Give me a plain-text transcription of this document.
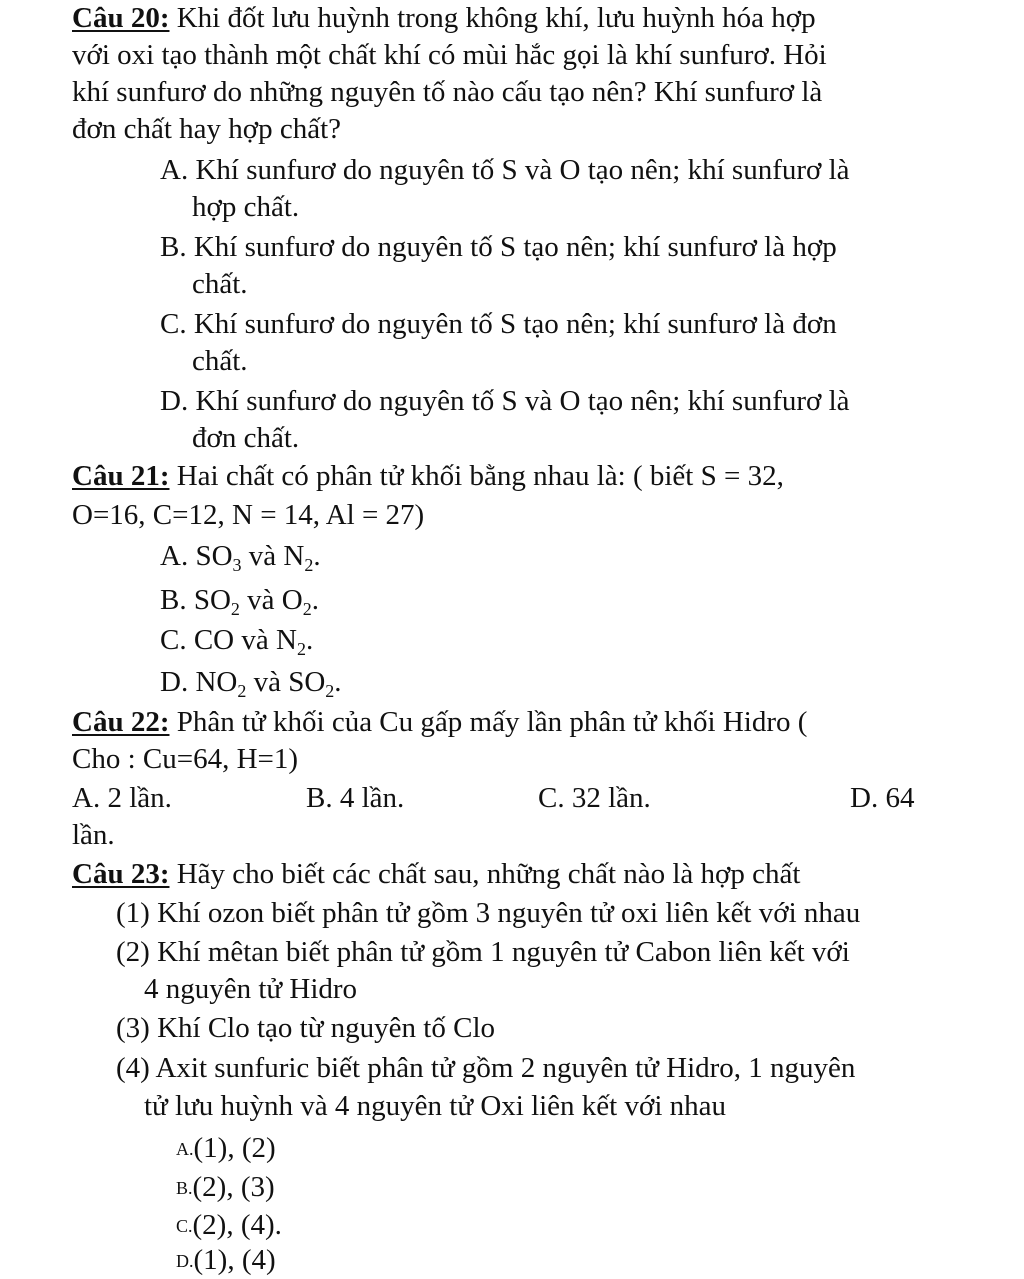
Câu 20: Khi đốt lưu huỳnh trong không khí, lưu huỳnh hóa hợp
với oxi tạo thành một chất khí có mùi hắc gọi là khí sunfurơ. Hỏi
khí sunfurơ do những nguyên tố nào cấu tạo nên? Khí sunfurơ là
đơn chất hay hợp chất?
A. Khí sunfurơ do nguyên tố S và O tạo nên; khí sunfurơ là
hợp chất.
B. Khí sunfurơ do nguyên tố S tạo nên; khí sunfurơ là hợp
chất.
C. Khí sunfurơ do nguyên tố S tạo nên; khí sunfurơ là đơn
chất.
D. Khí sunfurơ do nguyên tố S và O tạo nên; khí sunfurơ là
đơn chất.
Câu 21: Hai chất có phân tử khối bằng nhau là: ( biết S = 32,
O=16, C=12, N = 14, Al = 27)
A. $SO_3$ và $N_2$.
B. $SO_2$ và $O_2$.
C. CO và $N_2$.
D. $NO_2$ và $SO_2$.
Câu 22: Phân tử khối của Cu gấp mấy lần phân tử khối Hidro (
Cho : Cu=64, H=1)
A. 2 lần.	B. 4 lần.	C. 32 lần.	D. 64
lần.
Câu 23: Hãy cho biết các chất sau, những chất nào là hợp chất
(1) Khí ozon biết phân tử gồm 3 nguyên tử oxi liên kết với nhau
(2) Khí mêtan biết phân tử gồm 1 nguyên tử Cabon liên kết với
4 nguyên tử Hidro
(3) Khí Clo tạo từ nguyên tố Clo
(4) Axit sunfuric biết phân tử gồm 2 nguyên tử Hidro, 1 nguyên
tử lưu huỳnh và 4 nguyên tử Oxi liên kết với nhau
A.(1), (2)
B.(2), (3)
C.(2), (4).
D.(1), (4)
